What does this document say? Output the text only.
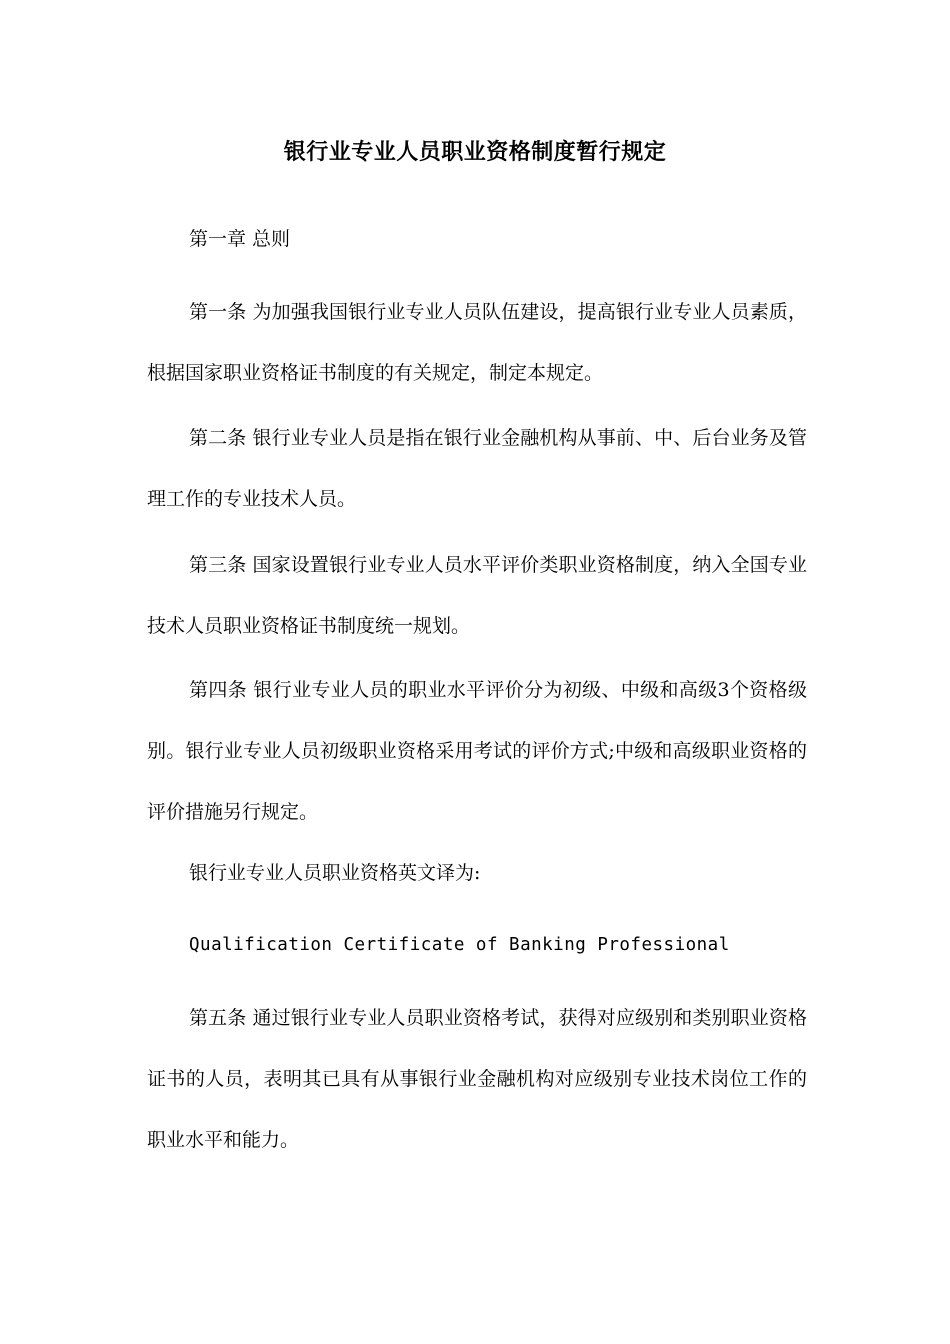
银行业专业人员职业资格制度暂行规定

第一章 总则

第一条 为加强我国银行业专业人员队伍建设，提高银行业专业人员素质，根据国家职业资格证书制度的有关规定，制定本规定。

第二条 银行业专业人员是指在银行业金融机构从事前、中、后台业务及管理工作的专业技术人员。

第三条 国家设置银行业专业人员水平评价类职业资格制度，纳入全国专业技术人员职业资格证书制度统一规划。

第四条 银行业专业人员的职业水平评价分为初级、中级和高级3个资格级别。银行业专业人员初级职业资格采用考试的评价方式;中级和高级职业资格的评价措施另行规定。

银行业专业人员职业资格英文译为:

Qualification Certificate of Banking Professional

第五条 通过银行业专业人员职业资格考试，获得对应级别和类别职业资格证书的人员，表明其已具有从事银行业金融机构对应级别专业技术岗位工作的职业水平和能力。
